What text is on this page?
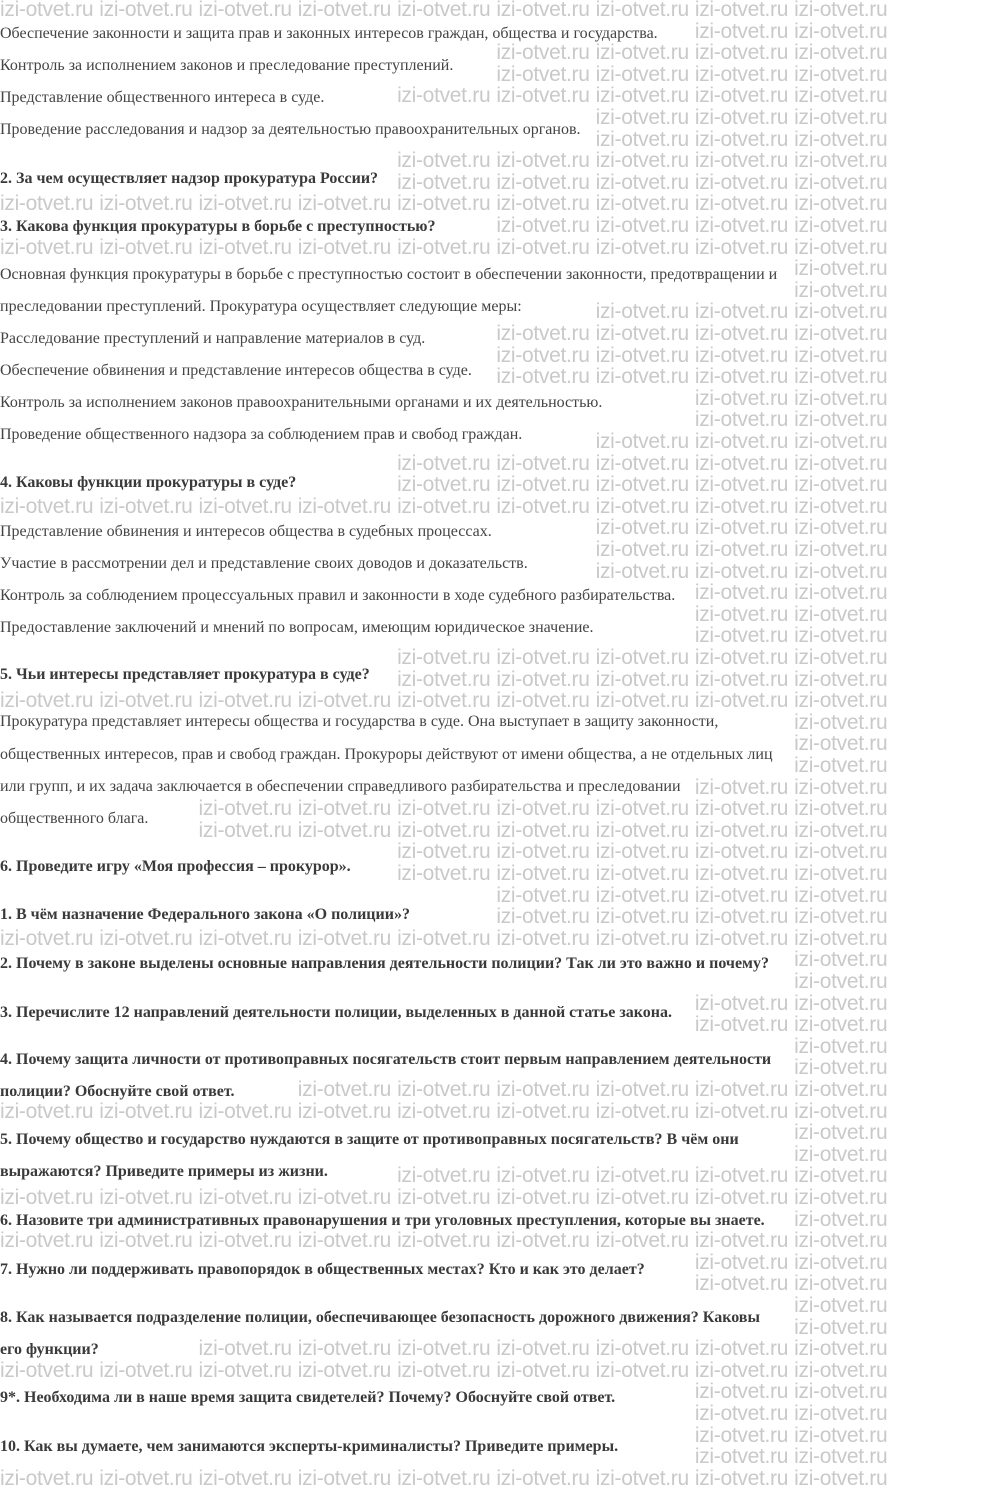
izi-otvet.ru izi-otvet.ru izi-otvet.ru izi-otvet.ru izi-otvet.ru izi-otvet.ru izi-otvet.ru izi-otvet.ru izi-otvet.ru
izi-otvet.ru izi-otvet.ru
izi-otvet.ru izi-otvet.ru izi-otvet.ru izi-otvet.ru
izi-otvet.ru izi-otvet.ru izi-otvet.ru izi-otvet.ru
izi-otvet.ru izi-otvet.ru izi-otvet.ru izi-otvet.ru izi-otvet.ru
izi-otvet.ru izi-otvet.ru izi-otvet.ru
izi-otvet.ru izi-otvet.ru izi-otvet.ru
izi-otvet.ru izi-otvet.ru izi-otvet.ru izi-otvet.ru izi-otvet.ru
izi-otvet.ru izi-otvet.ru izi-otvet.ru izi-otvet.ru izi-otvet.ru
izi-otvet.ru izi-otvet.ru izi-otvet.ru izi-otvet.ru izi-otvet.ru izi-otvet.ru izi-otvet.ru izi-otvet.ru izi-otvet.ru
izi-otvet.ru izi-otvet.ru izi-otvet.ru izi-otvet.ru
izi-otvet.ru izi-otvet.ru izi-otvet.ru izi-otvet.ru izi-otvet.ru izi-otvet.ru izi-otvet.ru izi-otvet.ru izi-otvet.ru
izi-otvet.ru
izi-otvet.ru
izi-otvet.ru izi-otvet.ru izi-otvet.ru
izi-otvet.ru izi-otvet.ru izi-otvet.ru izi-otvet.ru
izi-otvet.ru izi-otvet.ru izi-otvet.ru izi-otvet.ru
izi-otvet.ru izi-otvet.ru izi-otvet.ru izi-otvet.ru
izi-otvet.ru izi-otvet.ru
izi-otvet.ru izi-otvet.ru
izi-otvet.ru izi-otvet.ru izi-otvet.ru
izi-otvet.ru izi-otvet.ru izi-otvet.ru izi-otvet.ru izi-otvet.ru
izi-otvet.ru izi-otvet.ru izi-otvet.ru izi-otvet.ru izi-otvet.ru
izi-otvet.ru izi-otvet.ru izi-otvet.ru izi-otvet.ru izi-otvet.ru izi-otvet.ru izi-otvet.ru izi-otvet.ru izi-otvet.ru
izi-otvet.ru izi-otvet.ru izi-otvet.ru
izi-otvet.ru izi-otvet.ru izi-otvet.ru
izi-otvet.ru izi-otvet.ru izi-otvet.ru
izi-otvet.ru izi-otvet.ru
izi-otvet.ru izi-otvet.ru
izi-otvet.ru izi-otvet.ru
izi-otvet.ru izi-otvet.ru izi-otvet.ru izi-otvet.ru izi-otvet.ru
izi-otvet.ru izi-otvet.ru izi-otvet.ru izi-otvet.ru izi-otvet.ru
izi-otvet.ru izi-otvet.ru izi-otvet.ru izi-otvet.ru izi-otvet.ru izi-otvet.ru izi-otvet.ru izi-otvet.ru izi-otvet.ru
izi-otvet.ru
izi-otvet.ru
izi-otvet.ru
izi-otvet.ru izi-otvet.ru
izi-otvet.ru izi-otvet.ru izi-otvet.ru izi-otvet.ru izi-otvet.ru izi-otvet.ru izi-otvet.ru
izi-otvet.ru izi-otvet.ru izi-otvet.ru izi-otvet.ru izi-otvet.ru izi-otvet.ru izi-otvet.ru
izi-otvet.ru izi-otvet.ru izi-otvet.ru izi-otvet.ru izi-otvet.ru
izi-otvet.ru izi-otvet.ru izi-otvet.ru izi-otvet.ru izi-otvet.ru
izi-otvet.ru izi-otvet.ru izi-otvet.ru izi-otvet.ru
izi-otvet.ru izi-otvet.ru izi-otvet.ru izi-otvet.ru
izi-otvet.ru izi-otvet.ru izi-otvet.ru izi-otvet.ru izi-otvet.ru izi-otvet.ru izi-otvet.ru izi-otvet.ru izi-otvet.ru
izi-otvet.ru
izi-otvet.ru
izi-otvet.ru izi-otvet.ru
izi-otvet.ru izi-otvet.ru
izi-otvet.ru
izi-otvet.ru
izi-otvet.ru izi-otvet.ru izi-otvet.ru izi-otvet.ru izi-otvet.ru izi-otvet.ru
izi-otvet.ru izi-otvet.ru izi-otvet.ru izi-otvet.ru izi-otvet.ru izi-otvet.ru izi-otvet.ru izi-otvet.ru izi-otvet.ru
izi-otvet.ru
izi-otvet.ru
izi-otvet.ru izi-otvet.ru izi-otvet.ru izi-otvet.ru izi-otvet.ru
izi-otvet.ru izi-otvet.ru izi-otvet.ru izi-otvet.ru izi-otvet.ru izi-otvet.ru izi-otvet.ru izi-otvet.ru izi-otvet.ru
izi-otvet.ru
izi-otvet.ru izi-otvet.ru izi-otvet.ru izi-otvet.ru izi-otvet.ru izi-otvet.ru izi-otvet.ru izi-otvet.ru izi-otvet.ru
izi-otvet.ru izi-otvet.ru
izi-otvet.ru izi-otvet.ru
izi-otvet.ru
izi-otvet.ru
izi-otvet.ru izi-otvet.ru izi-otvet.ru izi-otvet.ru izi-otvet.ru izi-otvet.ru izi-otvet.ru
izi-otvet.ru izi-otvet.ru izi-otvet.ru izi-otvet.ru izi-otvet.ru izi-otvet.ru izi-otvet.ru izi-otvet.ru izi-otvet.ru
izi-otvet.ru izi-otvet.ru
izi-otvet.ru izi-otvet.ru
izi-otvet.ru izi-otvet.ru
izi-otvet.ru izi-otvet.ru
izi-otvet.ru izi-otvet.ru izi-otvet.ru izi-otvet.ru izi-otvet.ru izi-otvet.ru izi-otvet.ru izi-otvet.ru izi-otvet.ru
Обеспечение законности и защита прав и законных интересов граждан, общества и государства.
Контроль за исполнением законов и преследование преступлений.
Представление общественного интереса в суде.
Проведение расследования и надзор за деятельностью правоохранительных органов.
2. За чем осуществляет надзор прокуратура России?
3. Какова функция прокуратуры в борьбе с преступностью?
Основная функция прокуратуры в борьбе с преступностью состоит в обеспечении законности, предотвращении и
преследовании преступлений. Прокуратура осуществляет следующие меры:
Расследование преступлений и направление материалов в суд.
Обеспечение обвинения и представление интересов общества в суде.
Контроль за исполнением законов правоохранительными органами и их деятельностью.
Проведение общественного надзора за соблюдением прав и свобод граждан.
4. Каковы функции прокуратуры в суде?
Представление обвинения и интересов общества в судебных процессах.
Участие в рассмотрении дел и представление своих доводов и доказательств.
Контроль за соблюдением процессуальных правил и законности в ходе судебного разбирательства.
Предоставление заключений и мнений по вопросам, имеющим юридическое значение.
5. Чьи интересы представляет прокуратура в суде?
Прокуратура представляет интересы общества и государства в суде. Она выступает в защиту законности,
общественных интересов, прав и свобод граждан. Прокуроры действуют от имени общества, а не отдельных лиц
или групп, и их задача заключается в обеспечении справедливого разбирательства и преследовании
общественного блага.
6. Проведите игру «Моя профессия – прокурор».
1. В чём назначение Федерального закона «О полиции»?
2. Почему в законе выделены основные направления деятельности полиции? Так ли это важно и почему?
3. Перечислите 12 направлений деятельности полиции, выделенных в данной статье закона.
4. Почему защита личности от противоправных посягательств стоит первым направлением деятельности
полиции? Обоснуйте свой ответ.
5. Почему общество и государство нуждаются в защите от противоправных посягательств? В чём они
выражаются? Приведите примеры из жизни.
6. Назовите три административных правонарушения и три уголовных преступления, которые вы знаете.
7. Нужно ли поддерживать правопорядок в общественных местах? Кто и как это делает?
8. Как называется подразделение полиции, обеспечивающее безопасность дорожного движения? Каковы
его функции?
9*. Необходима ли в наше время защита свидетелей? Почему? Обоснуйте свой ответ.
10. Как вы думаете, чем занимаются эксперты-криминалисты? Приведите примеры.
